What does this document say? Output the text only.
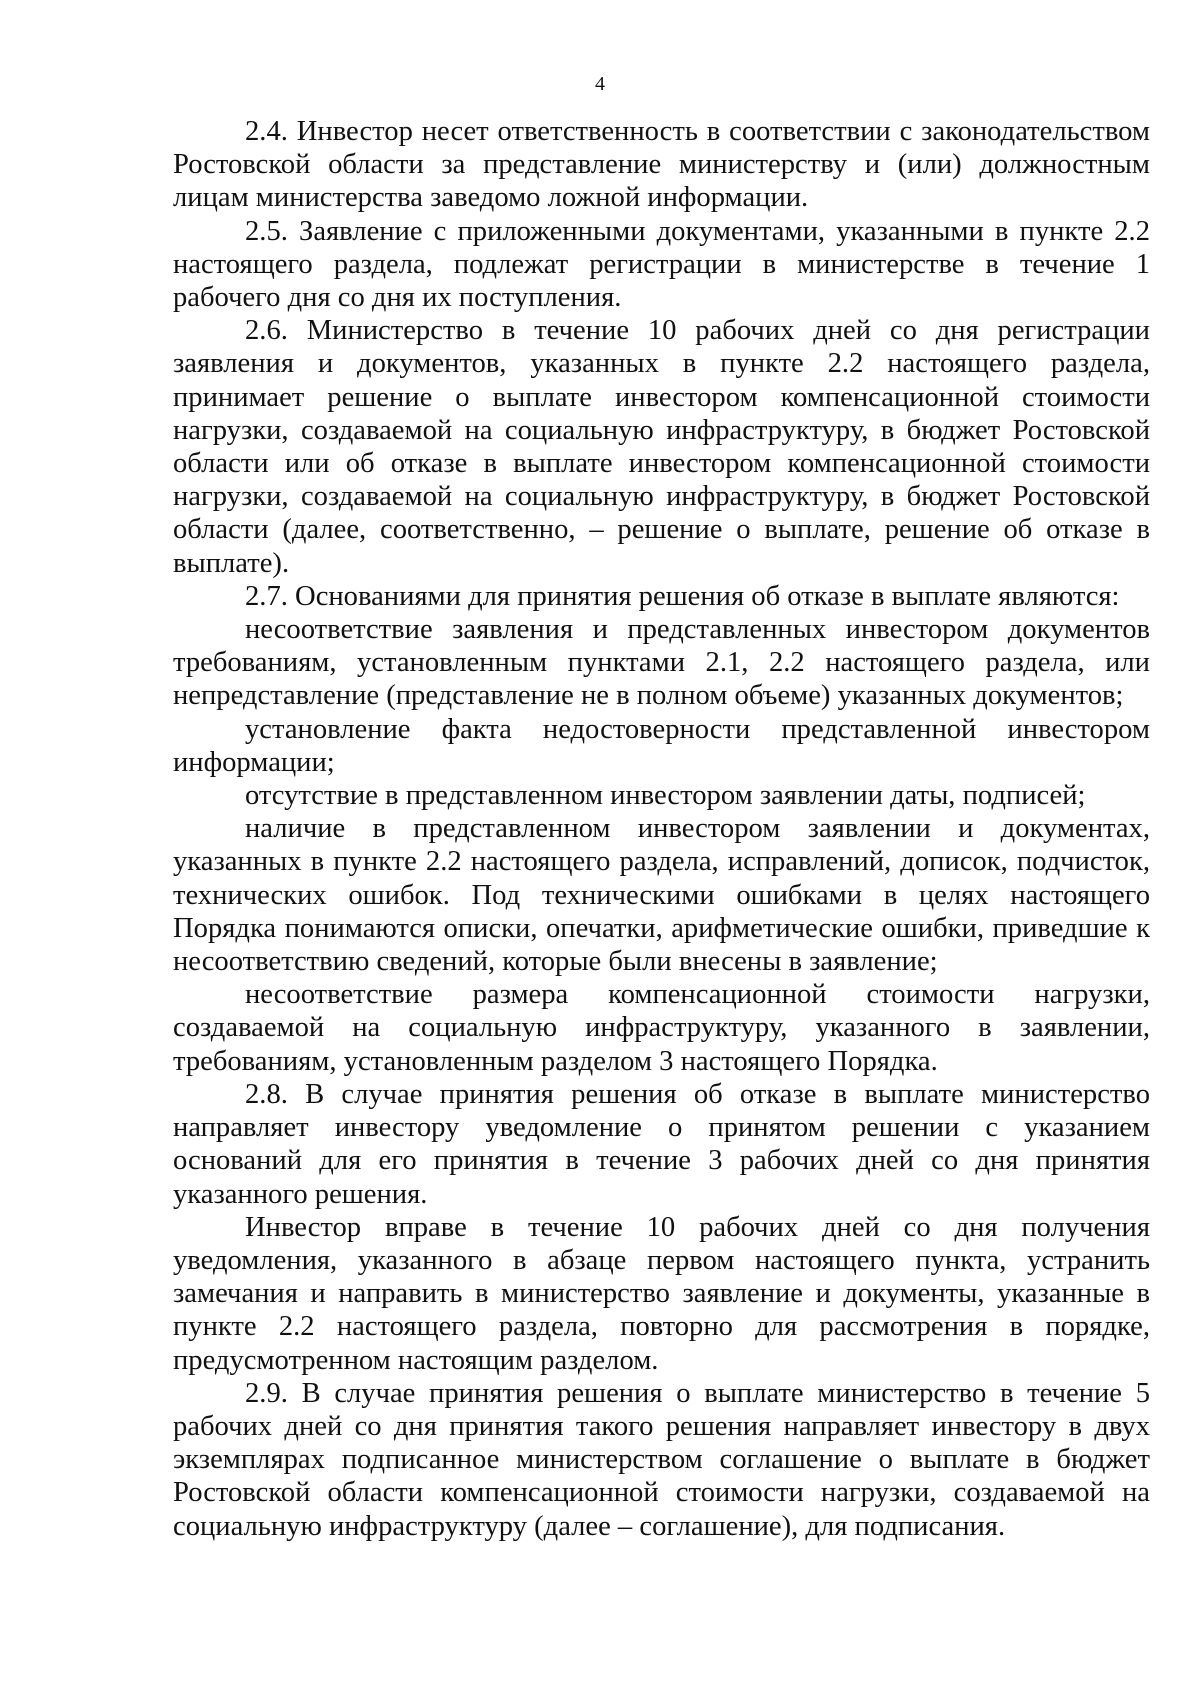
4

2.4. Инвестор несет ответственность в соответствии с законодательством Ростовской области за представление министерству и (или) должностным лицам министерства заведомо ложной информации.

2.5. Заявление с приложенными документами, указанными в пункте 2.2 настоящего раздела, подлежат регистрации в министерстве в течение 1 рабочего дня со дня их поступления.

2.6. Министерство в течение 10 рабочих дней со дня регистрации заявления и документов, указанных в пункте 2.2 настоящего раздела, принимает решение о выплате инвестором компенсационной стоимости нагрузки, создаваемой на социальную инфраструктуру, в бюджет Ростовской области или об отказе в выплате инвестором компенсационной стоимости нагрузки, создаваемой на социальную инфраструктуру, в бюджет Ростовской области (далее, соответственно, – решение о выплате, решение об отказе в выплате).

2.7. Основаниями для принятия решения об отказе в выплате являются:

несоответствие заявления и представленных инвестором документов требованиям, установленным пунктами 2.1, 2.2 настоящего раздела, или непредставление (представление не в полном объеме) указанных документов;

установление факта недостоверности представленной инвестором информации;

отсутствие в представленном инвестором заявлении даты, подписей;

наличие в представленном инвестором заявлении и документах, указанных в пункте 2.2 настоящего раздела, исправлений, дописок, подчисток, технических ошибок. Под техническими ошибками в целях настоящего Порядка понимаются описки, опечатки, арифметические ошибки, приведшие к несоответствию сведений, которые были внесены в заявление;

несоответствие размера компенсационной стоимости нагрузки, создаваемой на социальную инфраструктуру, указанного в заявлении, требованиям, установленным разделом 3 настоящего Порядка.

2.8. В случае принятия решения об отказе в выплате министерство направляет инвестору уведомление о принятом решении с указанием оснований для его принятия в течение 3 рабочих дней со дня принятия указанного решения.

Инвестор вправе в течение 10 рабочих дней со дня получения уведомления, указанного в абзаце первом настоящего пункта, устранить замечания и направить в министерство заявление и документы, указанные в пункте 2.2 настоящего раздела, повторно для рассмотрения в порядке, предусмотренном настоящим разделом.

2.9. В случае принятия решения о выплате министерство в течение 5 рабочих дней со дня принятия такого решения направляет инвестору в двух экземплярах подписанное министерством соглашение о выплате в бюджет Ростовской области компенсационной стоимости нагрузки, создаваемой на социальную инфраструктуру (далее – соглашение), для подписания.
